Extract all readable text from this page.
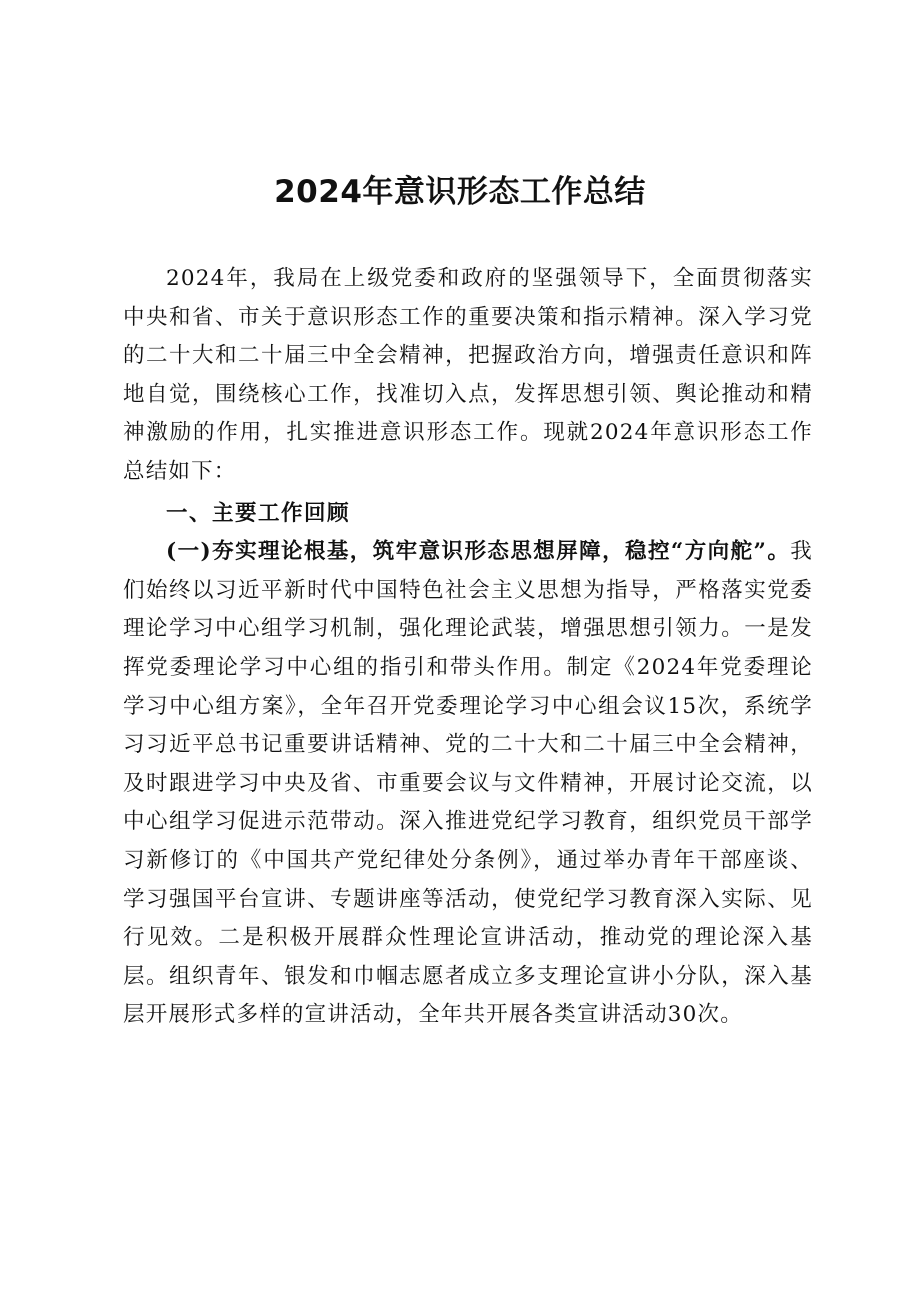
2024年意识形态工作总结

2024年，我局在上级党委和政府的坚强领导下，全面贯彻落实中央和省、市关于意识形态工作的重要决策和指示精神。深入学习党的二十大和二十届三中全会精神，把握政治方向，增强责任意识和阵地自觉，围绕核心工作，找准切入点，发挥思想引领、舆论推动和精神激励的作用，扎实推进意识形态工作。现就2024年意识形态工作总结如下：

一、主要工作回顾

(一)夯实理论根基，筑牢意识形态思想屏障，稳控“方向舵”。我们始终以习近平新时代中国特色社会主义思想为指导，严格落实党委理论学习中心组学习机制，强化理论武装，增强思想引领力。一是发挥党委理论学习中心组的指引和带头作用。制定《2024年党委理论学习中心组方案》，全年召开党委理论学习中心组会议15次，系统学习习近平总书记重要讲话精神、党的二十大和二十届三中全会精神，及时跟进学习中央及省、市重要会议与文件精神，开展讨论交流，以中心组学习促进示范带动。深入推进党纪学习教育，组织党员干部学习新修订的《中国共产党纪律处分条例》，通过举办青年干部座谈、学习强国平台宣讲、专题讲座等活动，使党纪学习教育深入实际、见行见效。二是积极开展群众性理论宣讲活动，推动党的理论深入基层。组织青年、银发和巾帼志愿者成立多支理论宣讲小分队，深入基层开展形式多样的宣讲活动，全年共开展各类宣讲活动30次。
